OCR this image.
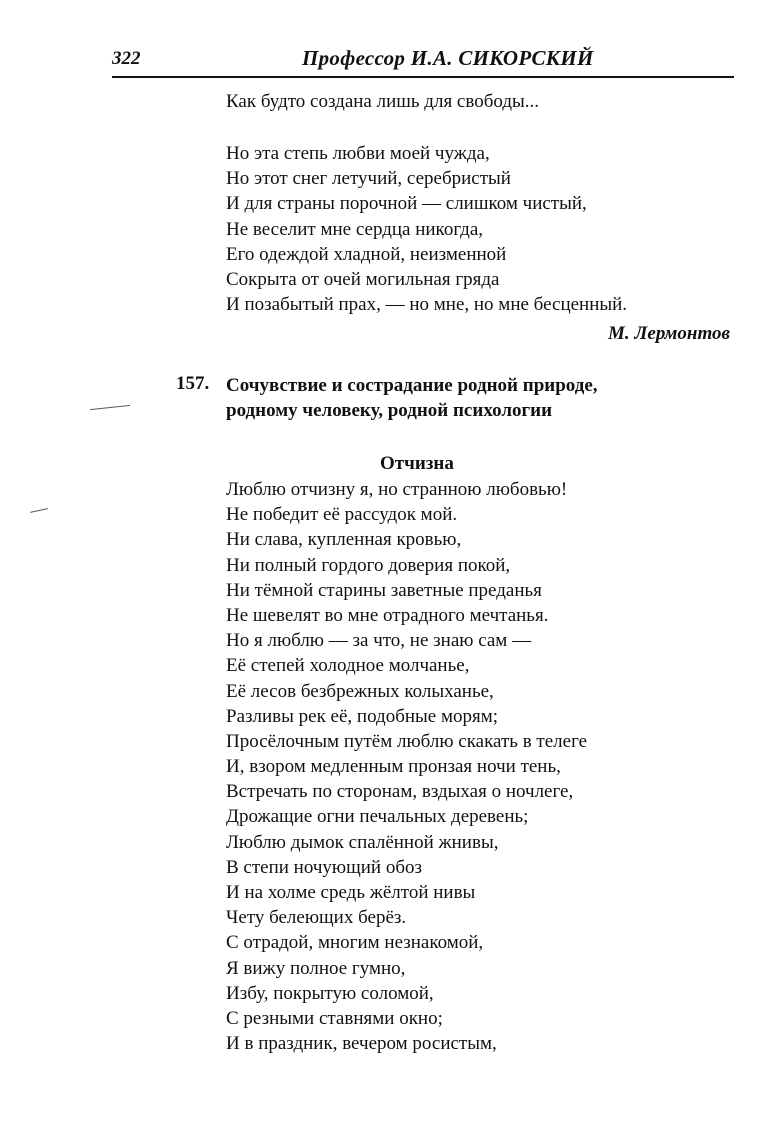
322	Профессор И.А. СИКОРСКИЙ
Как будто создана лишь для свободы...
Но эта степь любви моей чужда,
Но этот снег летучий, серебристый
И для страны порочной — слишком чистый,
Не веселит мне сердца никогда,
Его одеждой хладной, неизменной
Сокрыта от очей могильная гряда
И позабытый прах, — но мне, но мне бесценный.
М. Лермонтов
157. Сочувствие и сострадание родной природе,
родному человеку, родной психологии
Отчизна
Люблю отчизну я, но странною любовью!
Не победит её рассудок мой.
Ни слава, купленная кровью,
Ни полный гордого доверия покой,
Ни тёмной старины заветные преданья
Не шевелят во мне отрадного мечтанья.
Но я люблю — за что, не знаю сам —
Её степей холодное молчанье,
Её лесов безбрежных колыханье,
Разливы рек её, подобные морям;
Просёлочным путём люблю скакать в телеге
И, взором медленным пронзая ночи тень,
Встречать по сторонам, вздыхая о ночлеге,
Дрожащие огни печальных деревень;
Люблю дымок спалённой жнивы,
В степи ночующий обоз
И на холме средь жёлтой нивы
Чету белеющих берёз.
С отрадой, многим незнакомой,
Я вижу полное гумно,
Избу, покрытую соломой,
С резными ставнями окно;
И в праздник, вечером росистым,
